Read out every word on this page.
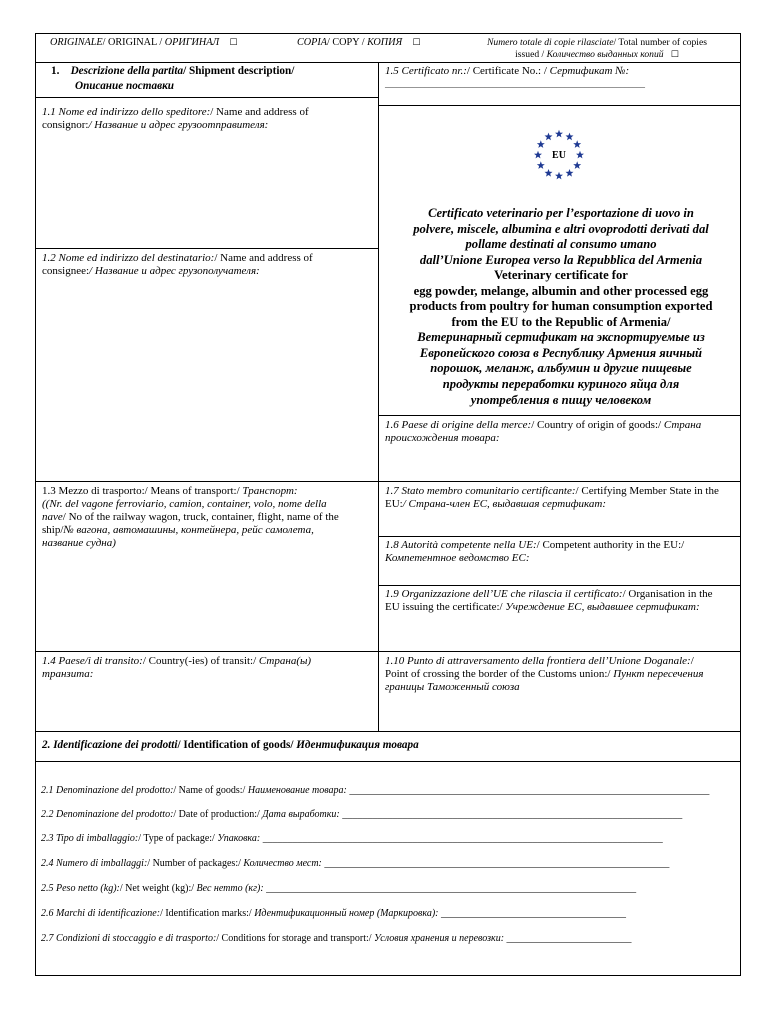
ORIGINALE/ ORIGINAL / ОРИГИНАЛ ☐	COPIA/ COPY / КОПИЯ ☐	Numero totale di copie rilasciate/ Total number of copies
issued / Количество выданных копий ☐
1. Descrizione della partita/ Shipment description/
Описание поставки
1.5 Certificato nr.:/ Certificate No.: / Сертификат №:
_________________________________________________________________
1.1 Nome ed indirizzo dello speditore:/ Name and address of
consignor:/ Название и адрес грузоотправителя:
1.2 Nome ed indirizzo del destinatario:/ Name and address of
consignee:/ Название и адрес грузополучателя:
EU
Certificato veterinario per l’esportazione di uovo in
polvere, miscele, albumina e altri ovoprodotti derivati dal
pollame destinati al consumo umano
dall’Unione Europea verso la Repubblica del Armenia
Veterinary certificate for
egg powder, melange, albumin and other processed egg
products from poultry for human consumption exported
from the EU to the Republic of Armenia/
Ветеринарный сертификат на экспортируемые из
Европейского союза в Республику Армения яичный
порошок, меланж, альбумин и другие пищевые
продукты переработки куриного яйца для
употребления в пищу человеком
1.6 Paese di origine della merce:/ Country of origin of goods:/ Страна
происхождения товара:
1.3 Mezzo di trasporto:/ Means of transport:/ Транспорт:
((Nr. del vagone ferroviario, camion, container, volo, nome della
nave/ No of the railway wagon, truck, container, flight, name of the
ship/№ вагона, автомашины, контейнера, рейс самолета,
название судна)
1.7 Stato membro comunitario certificante:/ Certifying Member State in the
EU:/ Страна-член ЕС, выдавшая сертификат:
1.8 Autorità competente nella UE:/ Competent authority in the EU:/
Компетентное ведомство ЕС:
1.9 Organizzazione dell’UE che rilascia il certificato:/ Organisation in the
EU issuing the certificate:/ Учреждение ЕС, выдавшее сертификат:
1.4 Paese/i di transito:/ Country(-ies) of transit:/ Страна(ы)
транзита:
1.10 Punto di attraversamento della frontiera dell’Unione Doganale:/
Point of crossing the border of the Customs union:/ Пункт пересечения
границы Таможенный союза
2. Identificazione dei prodotti/ Identification of goods/ Идентификация товара
2.1 Denominazione del prodotto:/ Name of goods:/ Наименование товара: ________________________________________________________________________
2.2 Denominazione del prodotto:/ Date of production:/ Дата выработки: ____________________________________________________________________
2.3 Tipo di imballaggio:/ Type of package:/ Упаковка: ________________________________________________________________________________
2.4 Numero di imballaggi:/ Number of packages:/ Количество мест: _____________________________________________________________________
2.5 Peso netto (kg):/ Net weight (kg):/ Вес нетто (кг): __________________________________________________________________________
2.6 Marchi di identificazione:/ Identification marks:/ Идентификационный номер (Маркировка): _____________________________________
2.7 Condizioni di stoccaggio e di trasporto:/ Conditions for storage and transport:/ Условия хранения и перевозки: _________________________
